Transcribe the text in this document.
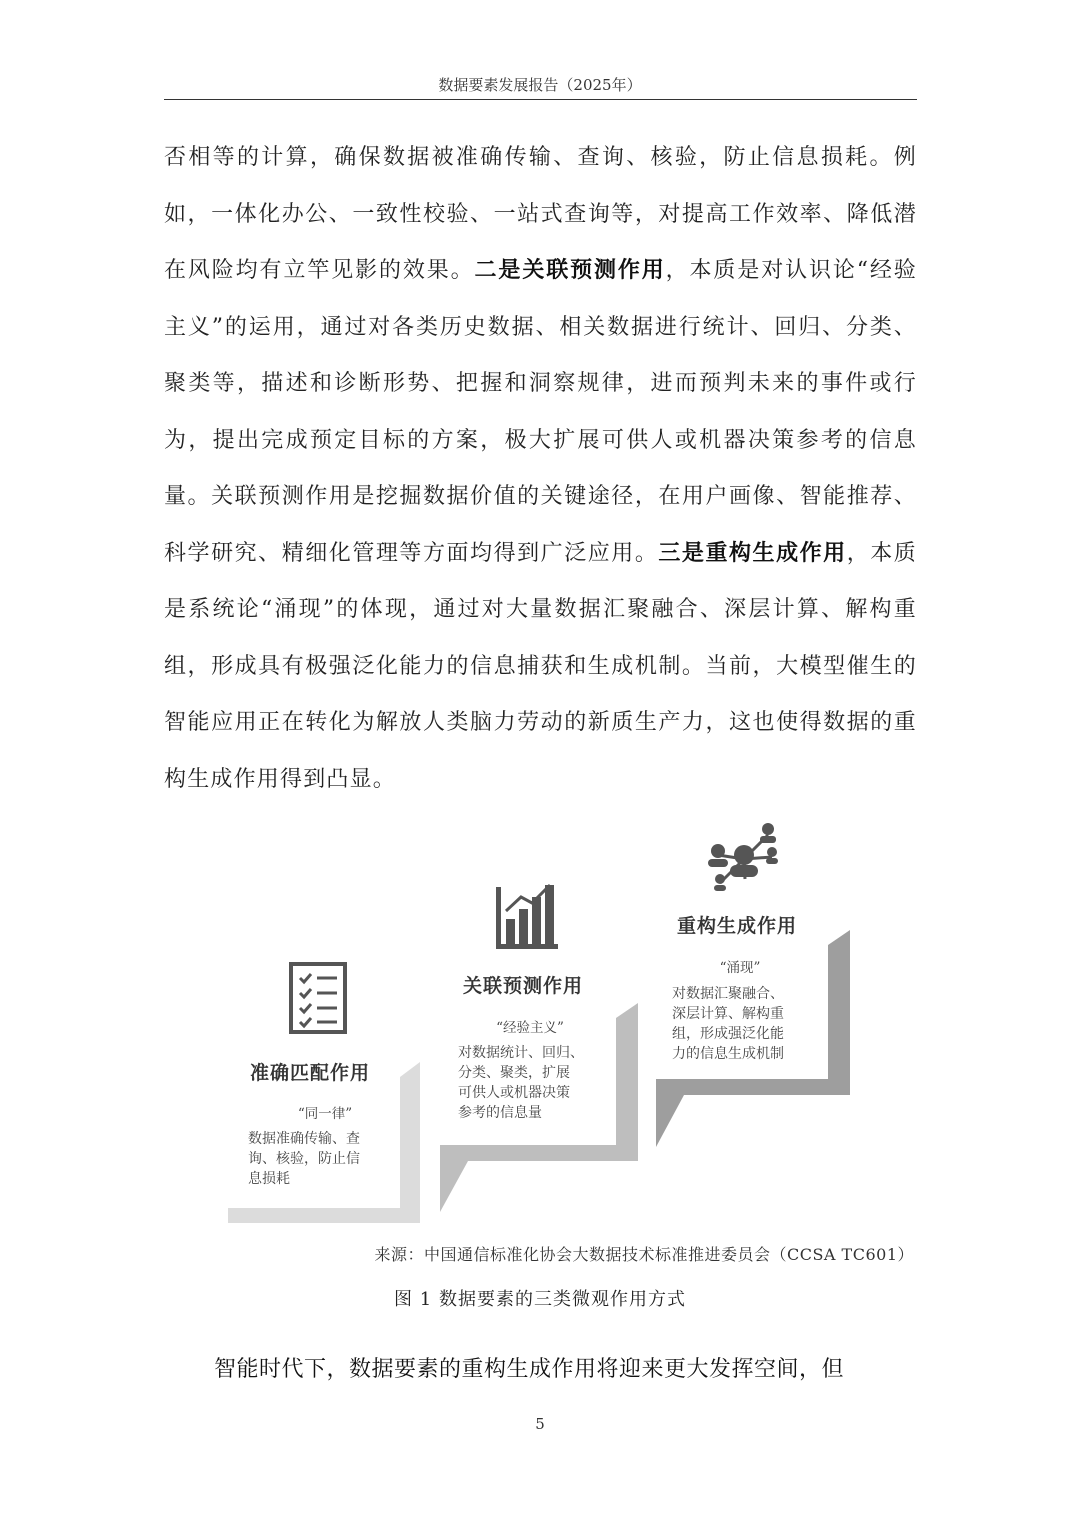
数据要素发展报告（2025年）

否相等的计算，确保数据被准确传输、查询、核验，防止信息损耗。例如，一体化办公、一致性校验、一站式查询等，对提高工作效率、降低潜在风险均有立竿见影的效果。二是关联预测作用，本质是对认识论“经验主义”的运用，通过对各类历史数据、相关数据进行统计、回归、分类、聚类等，描述和诊断形势、把握和洞察规律，进而预判未来的事件或行为，提出完成预定目标的方案，极大扩展可供人或机器决策参考的信息量。关联预测作用是挖掘数据价值的关键途径，在用户画像、智能推荐、科学研究、精细化管理等方面均得到广泛应用。三是重构生成作用，本质是系统论“涌现”的体现，通过对大量数据汇聚融合、深层计算、解构重组，形成具有极强泛化能力的信息捕获和生成机制。当前，大模型催生的智能应用正在转化为解放人类脑力劳动的新质生产力，这也使得数据的重构生成作用得到凸显。

准确匹配作用
“同一律”

数据准确传输、查
询、核验，防止信
息损耗

关联预测作用
“经验主义”

对数据统计、回归、
分类、聚类，扩展
可供人或机器决策
参考的信息量

重构生成作用
“涌现”

对数据汇聚融合、
深层计算、解构重
组，形成强泛化能
力的信息生成机制

来源：中国通信标准化协会大数据技术标准推进委员会（CCSA TC601）
图 1 数据要素的三类微观作用方式
智能时代下，数据要素的重构生成作用将迎来更大发挥空间，但
5
